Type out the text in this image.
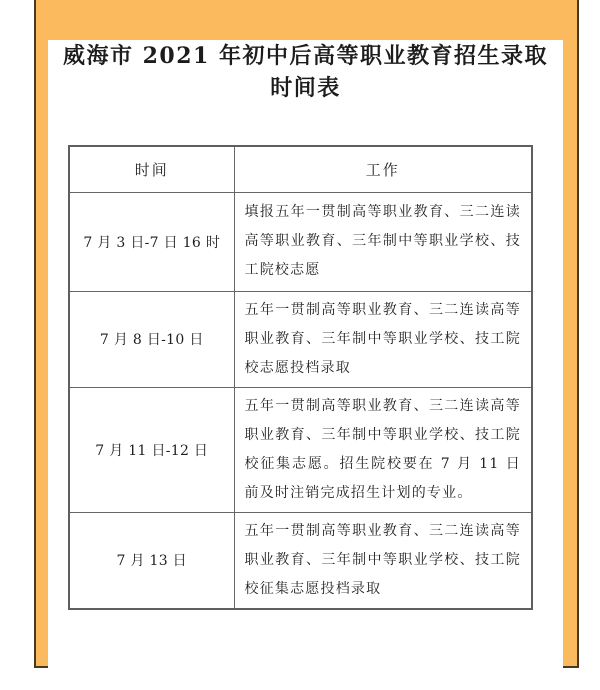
威海市 2021 年初中后高等职业教育招生录取
时间表
时间	工作
7 月 3 日-7 日 16 时	填报五年一贯制高等职业教育、三二连读高等职业教育、三年制中等职业学校、技工院校志愿
7 月 8 日-10 日	五年一贯制高等职业教育、三二连读高等职业教育、三年制中等职业学校、技工院校志愿投档录取
7 月 11 日-12 日	五年一贯制高等职业教育、三二连读高等职业教育、三年制中等职业学校、技工院校征集志愿。招生院校要在 7 月 11 日前及时注销完成招生计划的专业。
7 月 13 日	五年一贯制高等职业教育、三二连读高等职业教育、三年制中等职业学校、技工院校征集志愿投档录取
